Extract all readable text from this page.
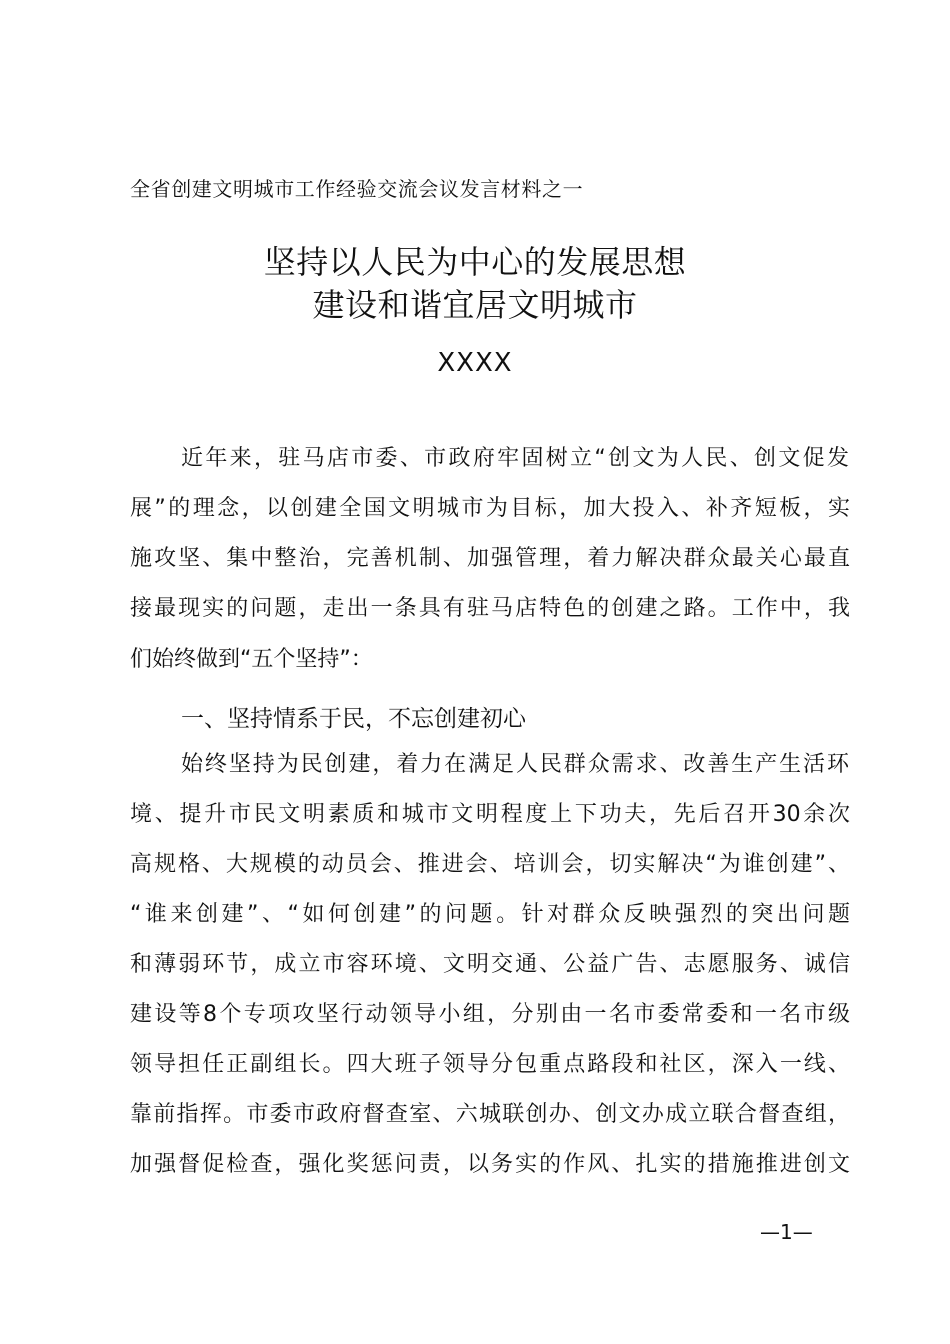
全省创建文明城市工作经验交流会议发言材料之一
坚持以人民为中心的发展思想
建设和谐宜居文明城市
XXXX
近年来，驻马店市委、市政府牢固树立“创文为人民、创文促发
展”的理念，以创建全国文明城市为目标，加大投入、补齐短板，实
施攻坚、集中整治，完善机制、加强管理，着力解决群众最关心最直
接最现实的问题，走出一条具有驻马店特色的创建之路。工作中，我
们始终做到“五个坚持”：
一、坚持情系于民，不忘创建初心
始终坚持为民创建，着力在满足人民群众需求、改善生产生活环
境、提升市民文明素质和城市文明程度上下功夫，先后召开30余次
高规格、大规模的动员会、推进会、培训会，切实解决“为谁创建”、
“谁来创建”、“如何创建”的问题。针对群众反映强烈的突出问题
和薄弱环节，成立市容环境、文明交通、公益广告、志愿服务、诚信
建设等8个专项攻坚行动领导小组，分别由一名市委常委和一名市级
领导担任正副组长。四大班子领导分包重点路段和社区，深入一线、
靠前指挥。市委市政府督查室、六城联创办、创文办成立联合督查组，
加强督促检查，强化奖惩问责，以务实的作风、扎实的措施推进创文
—1—
